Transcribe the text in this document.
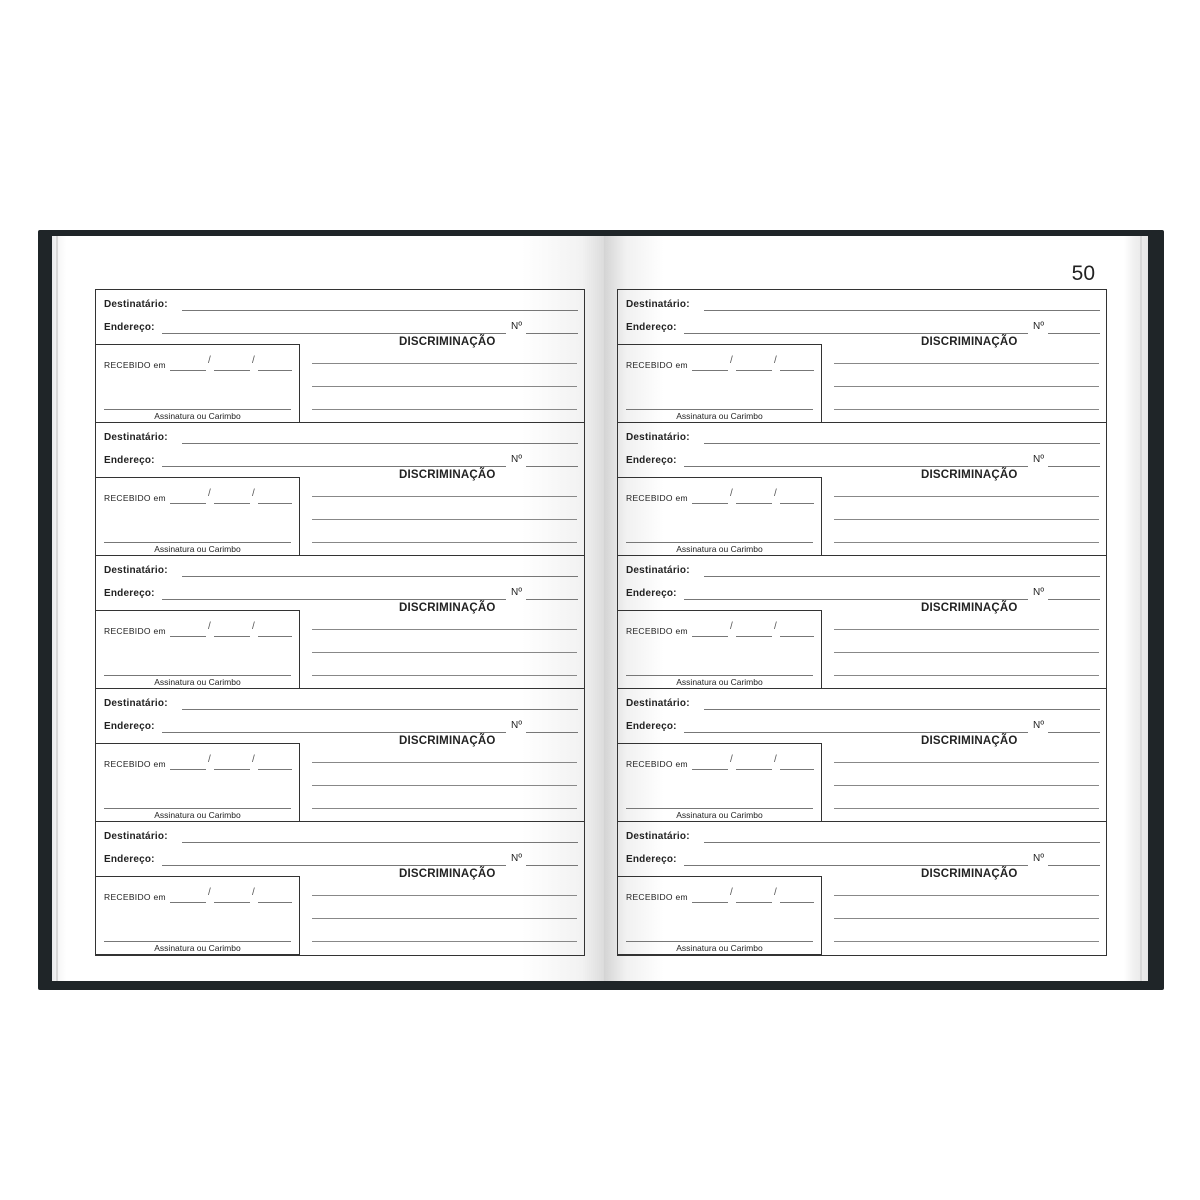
Destinatário:
Endereço:	Nº
DISCRIMINAÇÃO
RECEBIDO em	/	/
Assinatura ou Carimbo
Destinatário:
Endereço:	Nº
DISCRIMINAÇÃO
RECEBIDO em	/	/
Assinatura ou Carimbo
Destinatário:
Endereço:	Nº
DISCRIMINAÇÃO
RECEBIDO em	/	/
Assinatura ou Carimbo
Destinatário:
Endereço:	Nº
DISCRIMINAÇÃO
RECEBIDO em	/	/
Assinatura ou Carimbo
Destinatário:
Endereço:	Nº
DISCRIMINAÇÃO
RECEBIDO em	/	/
Assinatura ou Carimbo
50
Destinatário:
Endereço:	Nº
DISCRIMINAÇÃO
RECEBIDO em	/	/
Assinatura ou Carimbo
Destinatário:
Endereço:	Nº
DISCRIMINAÇÃO
RECEBIDO em	/	/
Assinatura ou Carimbo
Destinatário:
Endereço:	Nº
DISCRIMINAÇÃO
RECEBIDO em	/	/
Assinatura ou Carimbo
Destinatário:
Endereço:	Nº
DISCRIMINAÇÃO
RECEBIDO em	/	/
Assinatura ou Carimbo
Destinatário:
Endereço:	Nº
DISCRIMINAÇÃO
RECEBIDO em	/	/
Assinatura ou Carimbo
